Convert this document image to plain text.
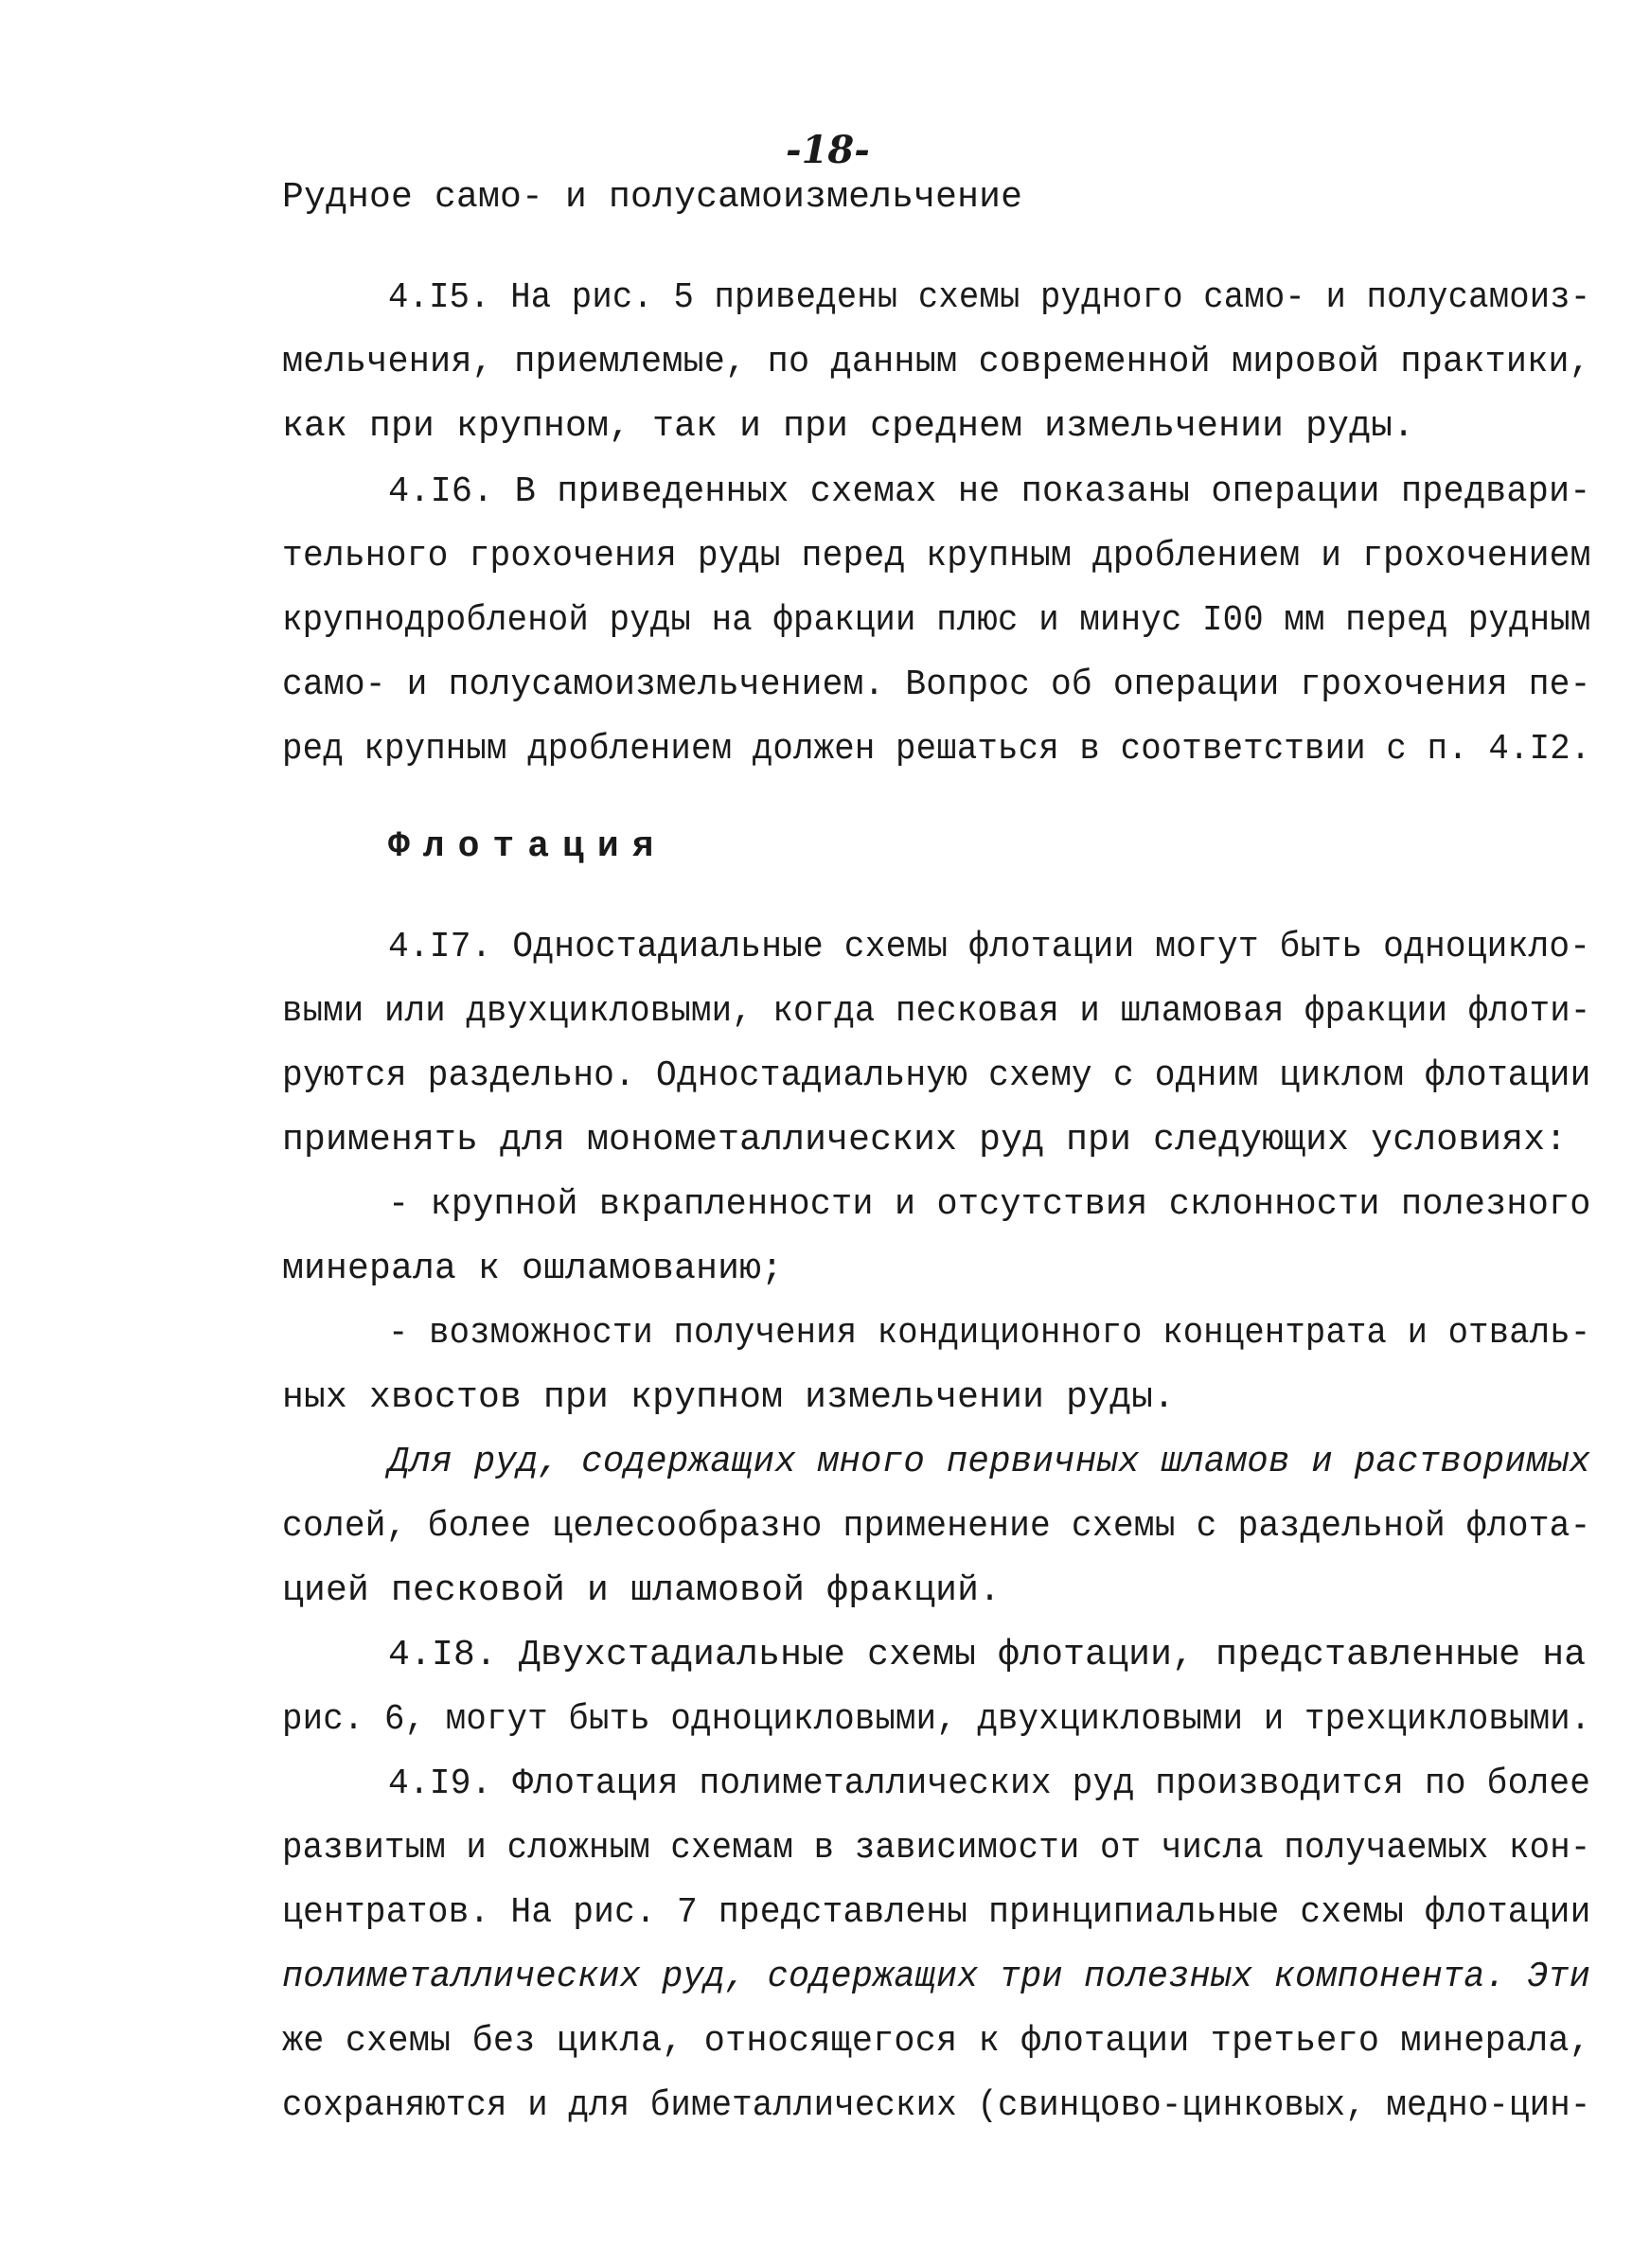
-18-
Рудное само- и полусамоизмельчение
4.I5. На рис. 5 приведены схемы рудного само- и полусамоиз-
мельчения, приемлемые, по данным современной мировой практики,
как при крупном, так и при среднем измельчении руды.
4.I6. В приведенных схемах не показаны операции предвари-
тельного грохочения руды перед крупным дроблением и грохочением
крупнодробленой руды на фракции плюс и минус I00 мм перед рудным
само- и полусамоизмельчением. Вопрос об операции грохочения пе-
ред крупным дроблением должен решаться в соответствии с п. 4.I2.
Флотация
4.I7. Одностадиальные схемы флотации могут быть одноцикло-
выми или двухцикловыми, когда песковая и шламовая фракции флоти-
руются раздельно. Одностадиальную схему с одним циклом флотации
применять для монометаллических руд при следующих условиях:
- крупной вкрапленности и отсутствия склонности полезного
минерала к ошламованию;
- возможности получения кондиционного концентрата и отваль-
ных хвостов при крупном измельчении руды.
Для руд, содержащих много первичных шламов и растворимых
солей, более целесообразно применение схемы с раздельной флота-
цией песковой и шламовой фракций.
4.I8. Двухстадиальные схемы флотации, представленные на
рис. 6, могут быть одноцикловыми, двухцикловыми и трехцикловыми.
4.I9. Флотация полиметаллических руд производится по более
развитым и сложным схемам в зависимости от числа получаемых кон-
центратов. На рис. 7 представлены принципиальные схемы флотации
полиметаллических руд, содержащих три полезных компонента. Эти
же схемы без цикла, относящегося к флотации третьего минерала,
сохраняются и для биметаллических (свинцово-цинковых, медно-цин-
